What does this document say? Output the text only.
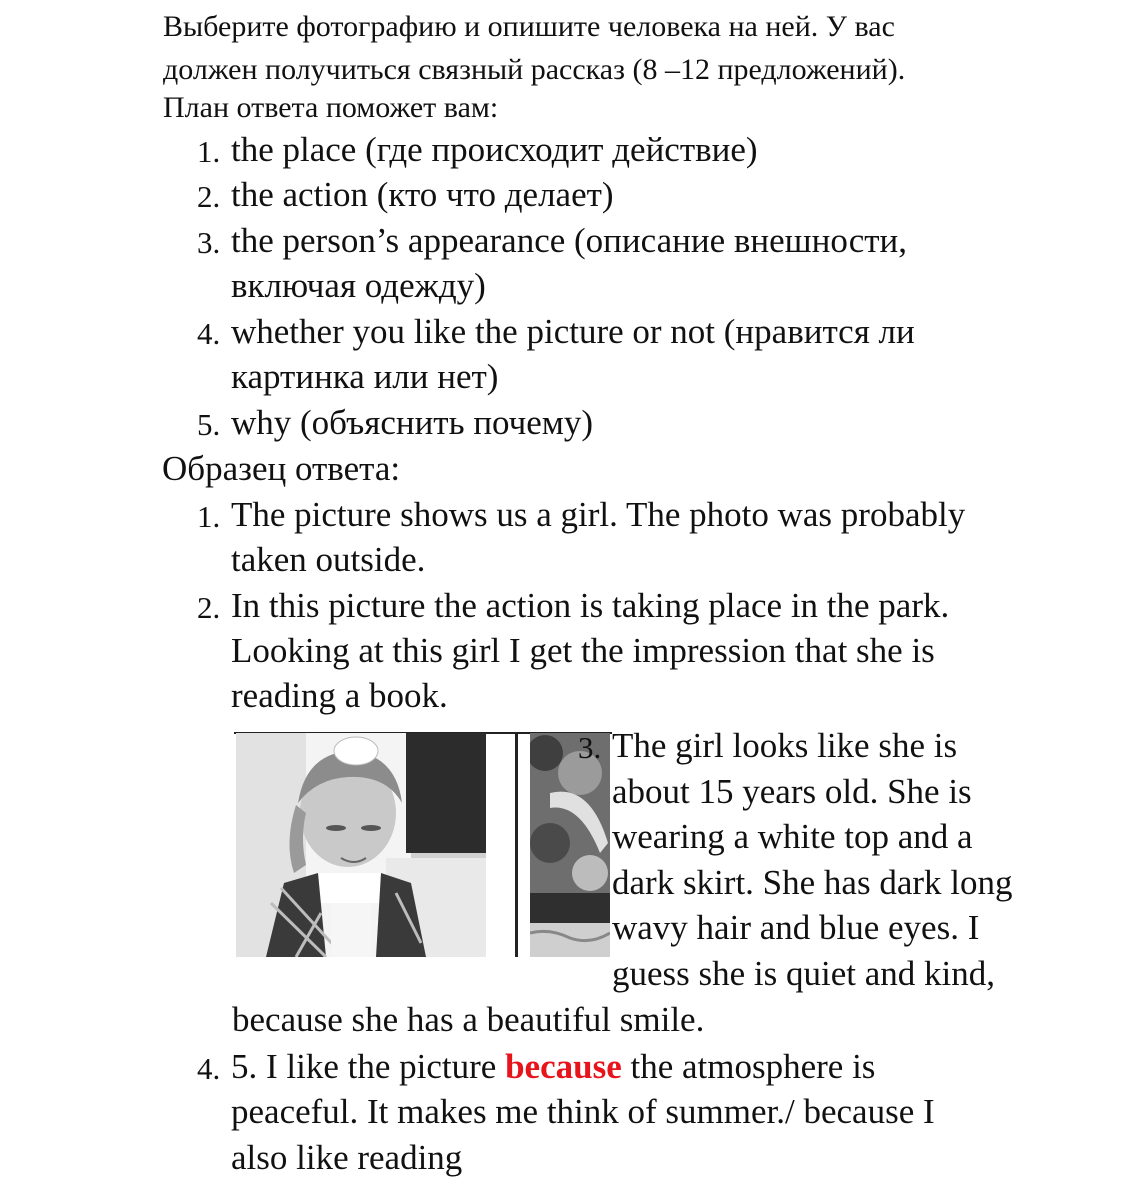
Выберите фотографию и опишите человека на ней. У вас
должен получиться связный рассказ (8 –12 предложений).
План ответа поможет вам:
1. the place (где происходит действие)
2. the action (кто что делает)
3. the person’s appearance (описание внешности,
включая одежду)
4. whether you like the picture or not (нравится ли
картинка или нет)
5. why (объяснить почему)
Образец ответа:
1. The picture shows us a girl. The photo was probably
taken outside.
2. In this picture the action is taking place in the park.
Looking at this girl I get the impression that she is
reading a book.
3. The girl looks like she is
about 15 years old. She is
wearing a white top and a
dark skirt. She has dark long
wavy hair and blue eyes. I
guess she is quiet and kind,
because she has a beautiful smile.
4. 5. I like the picture because the atmosphere is
peaceful. It makes me think of summer./ because I
also like reading
